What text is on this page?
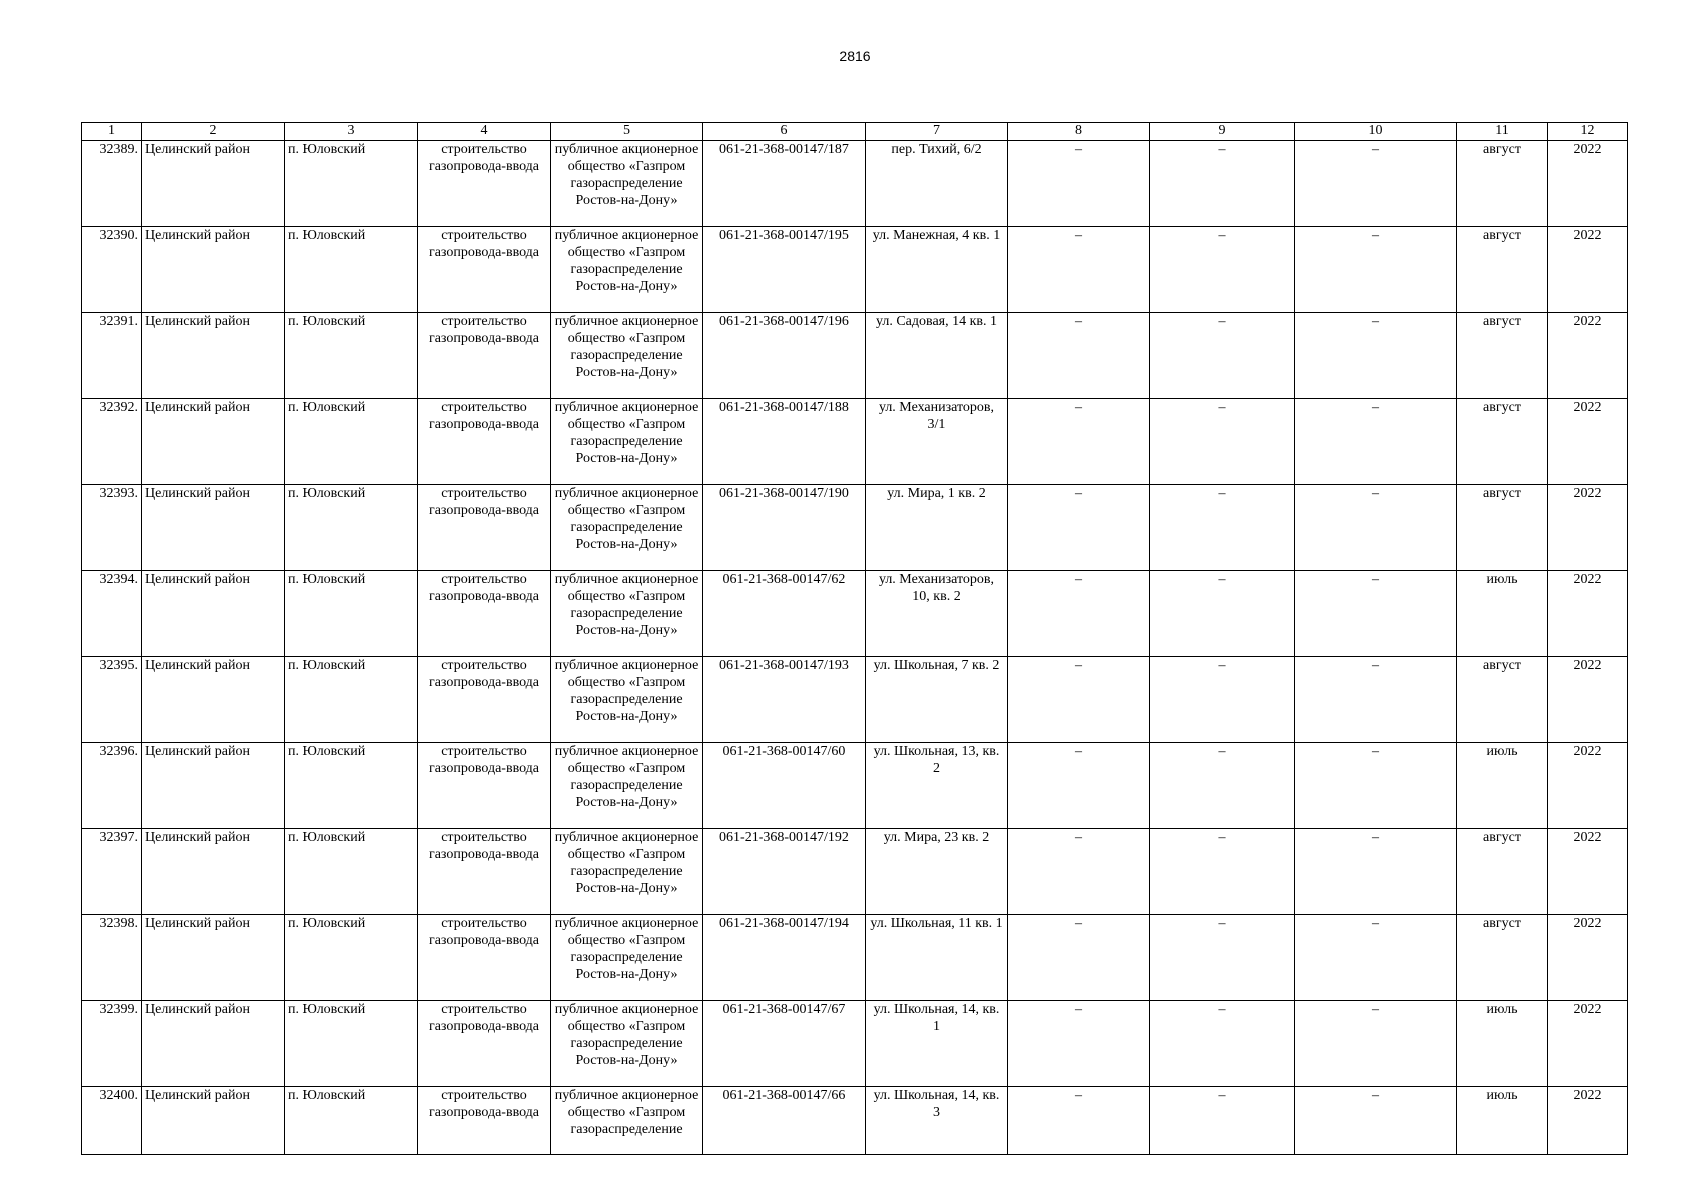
2816
1	2	3	4	5	6	7	8	9	10	11	12
32389.	Целинский район	п. Юловский	строительство газопровода-ввода	публичное акционерное общество «Газпром газораспределение Ростов-на-Дону»	061-21-368-00147/187	пер. Тихий, 6/2	–	–	–	август	2022
32390.	Целинский район	п. Юловский	строительство газопровода-ввода	публичное акционерное общество «Газпром газораспределение Ростов-на-Дону»	061-21-368-00147/195	ул. Манежная, 4 кв. 1	–	–	–	август	2022
32391.	Целинский район	п. Юловский	строительство газопровода-ввода	публичное акционерное общество «Газпром газораспределение Ростов-на-Дону»	061-21-368-00147/196	ул. Садовая, 14 кв. 1	–	–	–	август	2022
32392.	Целинский район	п. Юловский	строительство газопровода-ввода	публичное акционерное общество «Газпром газораспределение Ростов-на-Дону»	061-21-368-00147/188	ул. Механизаторов, 3/1	–	–	–	август	2022
32393.	Целинский район	п. Юловский	строительство газопровода-ввода	публичное акционерное общество «Газпром газораспределение Ростов-на-Дону»	061-21-368-00147/190	ул. Мира, 1 кв. 2	–	–	–	август	2022
32394.	Целинский район	п. Юловский	строительство газопровода-ввода	публичное акционерное общество «Газпром газораспределение Ростов-на-Дону»	061-21-368-00147/62	ул. Механизаторов, 10, кв. 2	–	–	–	июль	2022
32395.	Целинский район	п. Юловский	строительство газопровода-ввода	публичное акционерное общество «Газпром газораспределение Ростов-на-Дону»	061-21-368-00147/193	ул. Школьная, 7 кв. 2	–	–	–	август	2022
32396.	Целинский район	п. Юловский	строительство газопровода-ввода	публичное акционерное общество «Газпром газораспределение Ростов-на-Дону»	061-21-368-00147/60	ул. Школьная, 13, кв. 2	–	–	–	июль	2022
32397.	Целинский район	п. Юловский	строительство газопровода-ввода	публичное акционерное общество «Газпром газораспределение Ростов-на-Дону»	061-21-368-00147/192	ул. Мира, 23 кв. 2	–	–	–	август	2022
32398.	Целинский район	п. Юловский	строительство газопровода-ввода	публичное акционерное общество «Газпром газораспределение Ростов-на-Дону»	061-21-368-00147/194	ул. Школьная, 11 кв. 1	–	–	–	август	2022
32399.	Целинский район	п. Юловский	строительство газопровода-ввода	публичное акционерное общество «Газпром газораспределение Ростов-на-Дону»	061-21-368-00147/67	ул. Школьная, 14, кв. 1	–	–	–	июль	2022
32400.	Целинский район	п. Юловский	строительство газопровода-ввода	публичное акционерное общество «Газпром газораспределение	061-21-368-00147/66	ул. Школьная, 14, кв. 3	–	–	–	июль	2022
